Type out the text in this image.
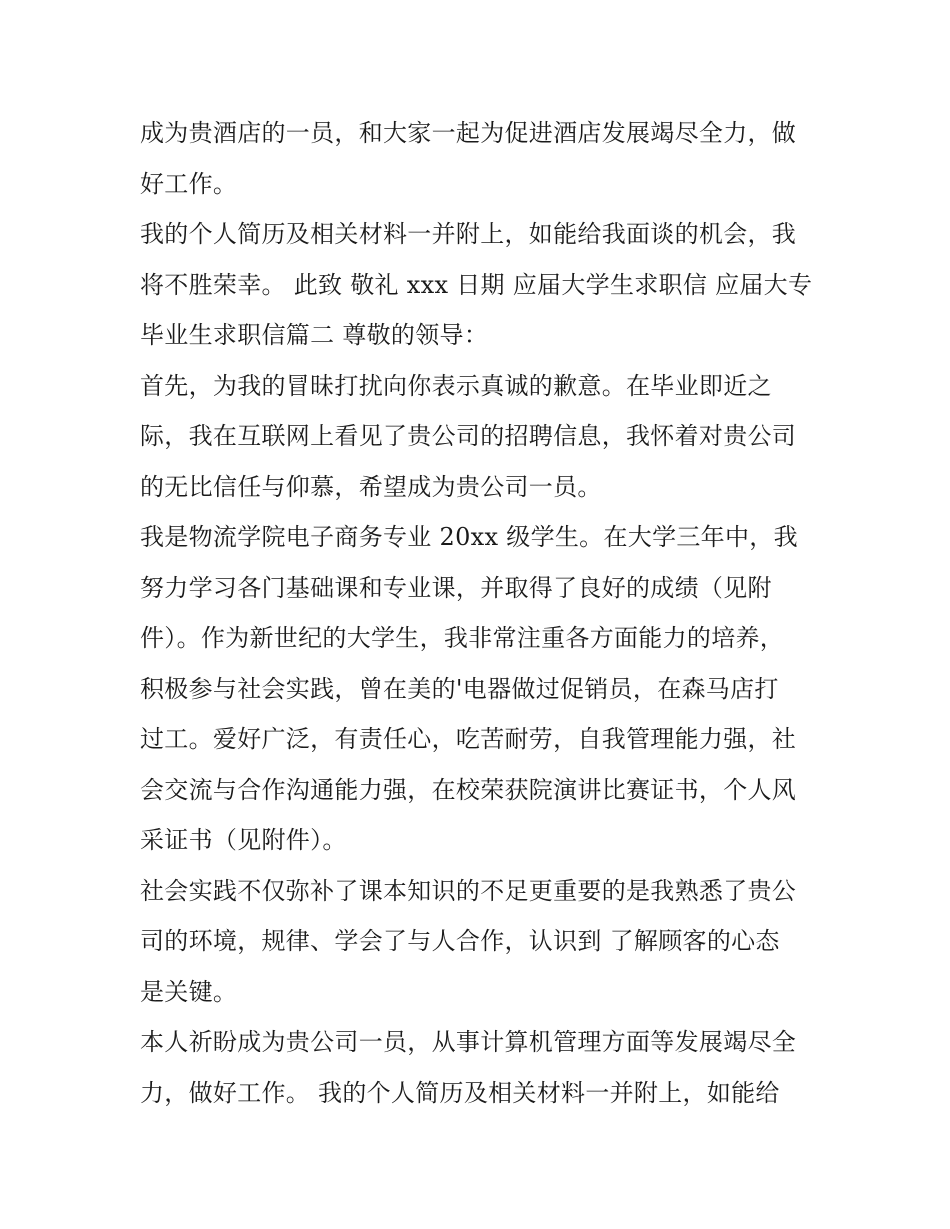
成为贵酒店的一员，和大家一起为促进酒店发展竭尽全力，做
好工作。
我的个人简历及相关材料一并附上，如能给我面谈的机会，我
将不胜荣幸。 此致 敬礼 xxx 日期 应届大学生求职信 应届大专
毕业生求职信篇二 尊敬的领导：
首先，为我的冒昧打扰向你表示真诚的歉意。在毕业即近之
际，我在互联网上看见了贵公司的招聘信息，我怀着对贵公司
的无比信任与仰慕，希望成为贵公司一员。
我是物流学院电子商务专业 20xx 级学生。在大学三年中，我
努力学习各门基础课和专业课，并取得了良好的成绩（见附
件）。作为新世纪的大学生，我非常注重各方面能力的培养，
积极参与社会实践，曾在美的'电器做过促销员，在森马店打
过工。爱好广泛，有责任心，吃苦耐劳，自我管理能力强，社
会交流与合作沟通能力强，在校荣获院演讲比赛证书，个人风
采证书（见附件）。
社会实践不仅弥补了课本知识的不足更重要的是我熟悉了贵公
司的环境，规律、学会了与人合作，认识到 了解顾客的心态
是关键。
本人祈盼成为贵公司一员，从事计算机管理方面等发展竭尽全
力，做好工作。 我的个人简历及相关材料一并附上，如能给
